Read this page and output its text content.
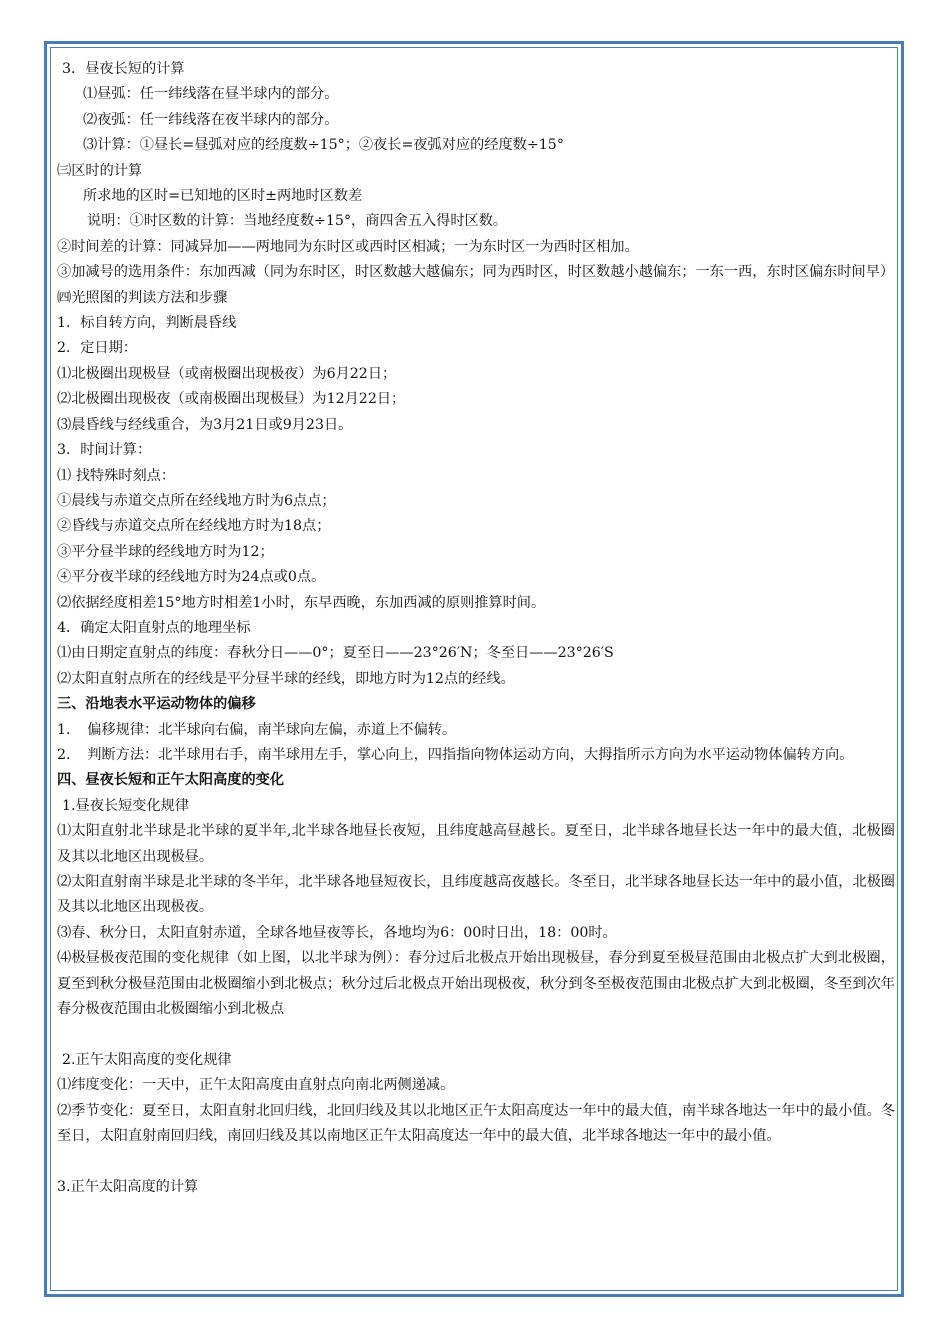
3．昼夜长短的计算

⑴昼弧：任一纬线落在昼半球内的部分。

⑵夜弧：任一纬线落在夜半球内的部分。

⑶计算：①昼长=昼弧对应的经度数÷15°；②夜长=夜弧对应的经度数÷15°

㈢区时的计算

所求地的区时=已知地的区时±两地时区数差

说明：①时区数的计算：当地经度数÷15°，商四舍五入得时区数。

②时间差的计算：同减异加——两地同为东时区或西时区相减；一为东时区一为西时区相加。

③加减号的选用条件：东加西减（同为东时区，时区数越大越偏东；同为西时区，时区数越小越偏东；一东一西，东时区偏东时间早）

㈣光照图的判读方法和步骤

1．标自转方向，判断晨昏线

2．定日期：

⑴北极圈出现极昼（或南极圈出现极夜）为6月22日；

⑵北极圈出现极夜（或南极圈出现极昼）为12月22日；

⑶晨昏线与经线重合，为3月21日或9月23日。

3．时间计算：

⑴ 找特殊时刻点：

①晨线与赤道交点所在经线地方时为6点点；

②昏线与赤道交点所在经线地方时为18点；

③平分昼半球的经线地方时为12；

④平分夜半球的经线地方时为24点或0点。

⑵依据经度相差15°地方时相差1小时，东早西晚，东加西减的原则推算时间。

4．确定太阳直射点的地理坐标

⑴由日期定直射点的纬度：春秋分日——0°；夏至日——23°26′N；冬至日——23°26′S

⑵太阳直射点所在的经线是平分昼半球的经线，即地方时为12点的经线。

三、沿地表水平运动物体的偏移

1．　偏移规律：北半球向右偏，南半球向左偏，赤道上不偏转。

2．　判断方法：北半球用右手，南半球用左手，掌心向上，四指指向物体运动方向，大拇指所示方向为水平运动物体偏转方向。

四、昼夜长短和正午太阳高度的变化

1.昼夜长短变化规律

⑴太阳直射北半球是北半球的夏半年,北半球各地昼长夜短，且纬度越高昼越长。夏至日，北半球各地昼长达一年中的最大值，北极圈及其以北地区出现极昼。

⑵太阳直射南半球是北半球的冬半年，北半球各地昼短夜长，且纬度越高夜越长。冬至日，北半球各地昼长达一年中的最小值，北极圈及其以北地区出现极夜。

⑶春、秋分日，太阳直射赤道，全球各地昼夜等长，各地均为6：00时日出，18：00时。

⑷极昼极夜范围的变化规律（如上图，以北半球为例）：春分过后北极点开始出现极昼，春分到夏至极昼范围由北极点扩大到北极圈，夏至到秋分极昼范围由北极圈缩小到北极点；秋分过后北极点开始出现极夜，秋分到冬至极夜范围由北极点扩大到北极圈，冬至到次年春分极夜范围由北极圈缩小到北极点

2.正午太阳高度的变化规律

⑴纬度变化：一天中，正午太阳高度由直射点向南北两侧递减。

⑵季节变化：夏至日，太阳直射北回归线，北回归线及其以北地区正午太阳高度达一年中的最大值，南半球各地达一年中的最小值。冬至日，太阳直射南回归线，南回归线及其以南地区正午太阳高度达一年中的最大值，北半球各地达一年中的最小值。

3.正午太阳高度的计算
